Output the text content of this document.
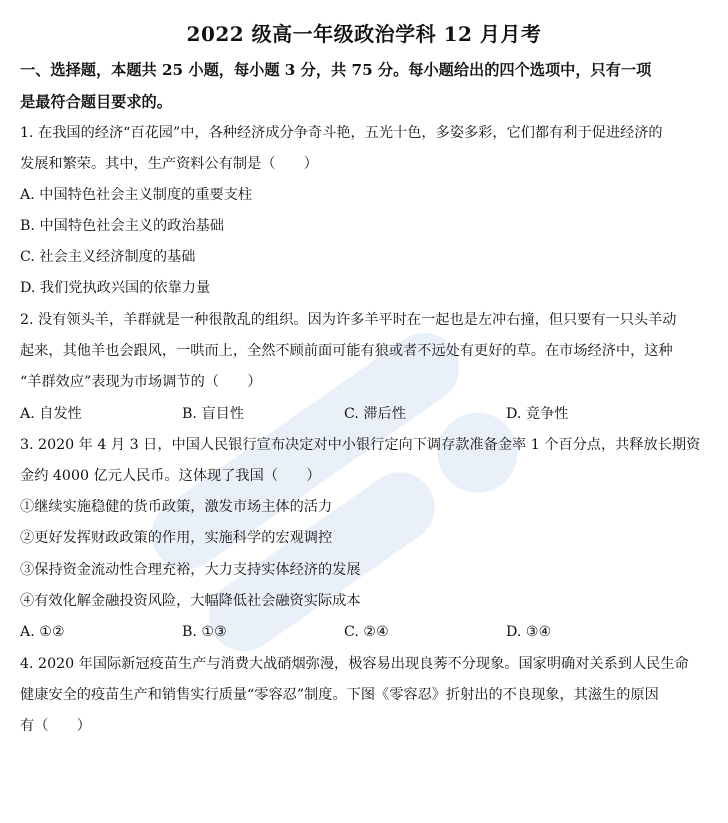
YIDIANTOU.COM
2022 级高一年级政治学科 12 月月考
一、选择题，本题共 25 小题，每小题 3 分，共 75 分。每小题给出的四个选项中，只有一项
是最符合题目要求的。
1. 在我国的经济“百花园”中，各种经济成分争奇斗艳，五光十色，多姿多彩，它们都有利于促进经济的
发展和繁荣。其中，生产资料公有制是（　　）
A. 中国特色社会主义制度的重要支柱
B. 中国特色社会主义的政治基础
C. 社会主义经济制度的基础
D. 我们党执政兴国的依靠力量
2. 没有领头羊，羊群就是一种很散乱的组织。因为许多羊平时在一起也是左冲右撞，但只要有一只头羊动
起来，其他羊也会跟风，一哄而上，全然不顾前面可能有狼或者不远处有更好的草。在市场经济中，这种
“羊群效应”表现为市场调节的（　　）
A. 自发性	B. 盲目性	C. 滞后性	D. 竞争性
3. 2020 年 4 月 3 日，中国人民银行宣布决定对中小银行定向下调存款准备金率 1 个百分点，共释放长期资
金约 4000 亿元人民币。这体现了我国（　　）
①继续实施稳健的货币政策，激发市场主体的活力
②更好发挥财政政策的作用，实施科学的宏观调控
③保持资金流动性合理充裕，大力支持实体经济的发展
④有效化解金融投资风险，大幅降低社会融资实际成本
A. ①②	B. ①③	C. ②④	D. ③④
4. 2020 年国际新冠疫苗生产与消费大战硝烟弥漫，极容易出现良莠不分现象。国家明确对关系到人民生命
健康安全的疫苗生产和销售实行质量“零容忍”制度。下图《零容忍》折射出的不良现象，其滋生的原因
有（　　）
